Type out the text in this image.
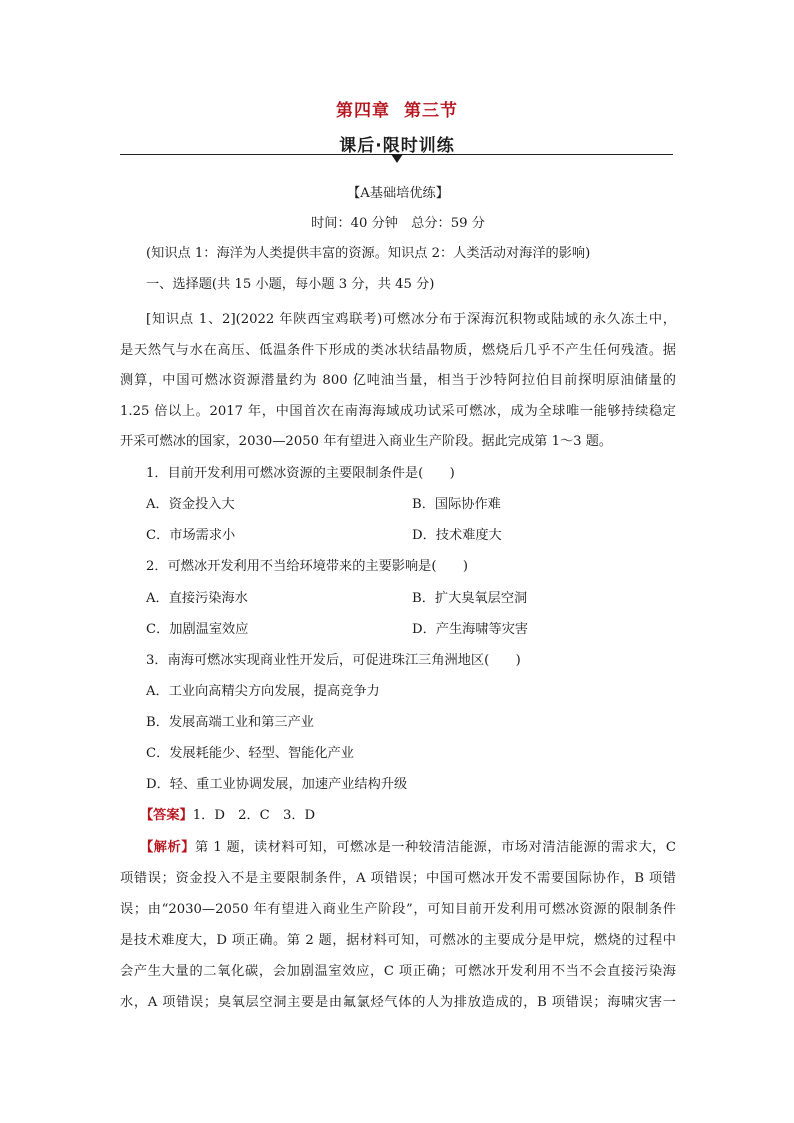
第四章 第三节
课后·限时训练
【A基础培优练】
时间：40 分钟　总分：59 分
(知识点 1：海洋为人类提供丰富的资源。知识点 2：人类活动对海洋的影响)
一、选择题(共 15 小题，每小题 3 分，共 45 分)
[知识点 1、2](2022 年陕西宝鸡联考)可燃冰分布于深海沉积物或陆域的永久冻土中，
是天然气与水在高压、低温条件下形成的类冰状结晶物质，燃烧后几乎不产生任何残渣。据
测算，中国可燃冰资源潜量约为 800 亿吨油当量，相当于沙特阿拉伯目前探明原油储量的
1.25 倍以上。2017 年，中国首次在南海海域成功试采可燃冰，成为全球唯一能够持续稳定
开采可燃冰的国家，2030—2050 年有望进入商业生产阶段。据此完成第 1～3 题。
1．目前开发利用可燃冰资源的主要限制条件是(　　)
A．资金投入大	B．国际协作难
C．市场需求小	D．技术难度大
2．可燃冰开发利用不当给环境带来的主要影响是(　　)
A．直接污染海水	B．扩大臭氧层空洞
C．加剧温室效应	D．产生海啸等灾害
3．南海可燃冰实现商业性开发后，可促进珠江三角洲地区(　　)
A．工业向高精尖方向发展，提高竞争力
B．发展高端工业和第三产业
C．发展耗能少、轻型、智能化产业
D．轻、重工业协调发展，加速产业结构升级
【答案】1．D　2．C　3．D
【解析】第 1 题，读材料可知，可燃冰是一种较清洁能源，市场对清洁能源的需求大，C
项错误；资金投入不是主要限制条件，A 项错误；中国可燃冰开发不需要国际协作，B 项错
误；由“2030—2050 年有望进入商业生产阶段”，可知目前开发利用可燃冰资源的限制条件
是技术难度大，D 项正确。第 2 题，据材料可知，可燃冰的主要成分是甲烷，燃烧的过程中
会产生大量的二氧化碳，会加剧温室效应，C 项正确；可燃冰开发利用不当不会直接污染海
水，A 项错误；臭氧层空洞主要是由氟氯烃气体的人为排放造成的，B 项错误；海啸灾害一
